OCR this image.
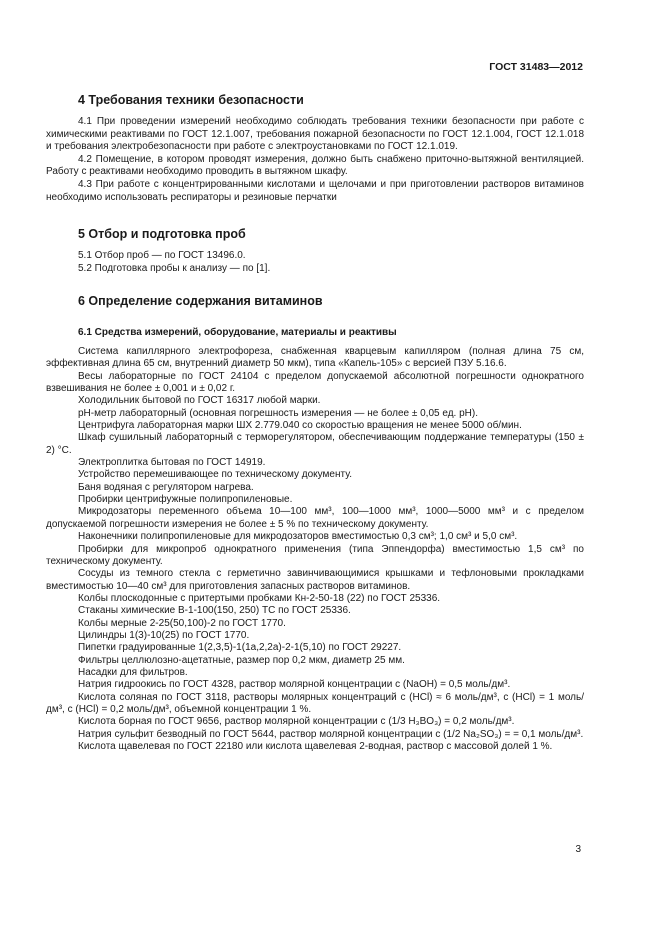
ГОСТ 31483—2012
4 Требования техники безопасности

4.1 При проведении измерений необходимо соблюдать требования техники безопасности при работе с химическими реактивами по ГОСТ 12.1.007, требования пожарной безопасности по ГОСТ 12.1.004, ГОСТ 12.1.018 и требования электробезопасности при работе с электроустановками по ГОСТ 12.1.019.

4.2 Помещение, в котором проводят измерения, должно быть снабжено приточно-вытяжной вентиляцией. Работу с реактивами необходимо проводить в вытяжном шкафу.

4.3 При работе с концентрированными кислотами и щелочами и при приготовлении растворов витаминов необходимо использовать респираторы и резиновые перчатки

5 Отбор и подготовка проб

5.1 Отбор проб — по ГОСТ 13496.0.

5.2 Подготовка пробы к анализу — по [1].

6 Определение содержания витаминов
6.1 Средства измерений, оборудование, материалы и реактивы

Система капиллярного электрофореза, снабженная кварцевым капилляром (полная длина 75 см, эффективная длина 65 см, внутренний диаметр 50 мкм), типа «Капель-105» с версией ПЗУ 5.16.6.

Весы лабораторные по ГОСТ 24104 с пределом допускаемой абсолютной погрешности однократного взвешивания не более ± 0,001 и ± 0,02 г.

Холодильник бытовой по ГОСТ 16317 любой марки.

pH-метр лабораторный (основная погрешность измерения — не более ± 0,05 ед. pH).

Центрифуга лабораторная марки ШХ 2.779.040 со скоростью вращения не менее 5000 об/мин.

Шкаф сушильный лабораторный с терморегулятором, обеспечивающим поддержание температуры (150 ± 2) °С.

Электроплитка бытовая по ГОСТ 14919.

Устройство перемешивающее по техническому документу.

Баня водяная с регулятором нагрева.

Пробирки центрифужные полипропиленовые.

Микродозаторы переменного объема 10—100 мм³, 100—1000 мм³, 1000—5000 мм³ и с пределом допускаемой погрешности измерения не более ± 5 % по техническому документу.

Наконечники полипропиленовые для микродозаторов вместимостью 0,3 см³; 1,0 см³ и 5,0 см³.

Пробирки для микропроб однократного применения (типа Эппендорфа) вместимостью 1,5 см³ по техническому документу.

Сосуды из темного стекла с герметично завинчивающимися крышками и тефлоновыми прокладками вместимостью 10—40 см³ для приготовления запасных растворов витаминов.

Колбы плоскодонные с притертыми пробками Кн-2-50-18 (22) по ГОСТ 25336.

Стаканы химические В-1-100(150, 250) ТС по ГОСТ 25336.

Колбы мерные 2-25(50,100)-2 по ГОСТ 1770.

Цилиндры 1(3)-10(25) по ГОСТ 1770.

Пипетки градуированные 1(2,3,5)-1(1а,2,2а)-2-1(5,10) по ГОСТ 29227.

Фильтры целлюлозно-ацетатные, размер пор 0,2 мкм, диаметр 25 мм.

Насадки для фильтров.

Натрия гидроокись по ГОСТ 4328, раствор молярной концентрации c (NaOH) = 0,5 моль/дм³.

Кислота соляная по ГОСТ 3118, растворы молярных концентраций c (HCl) ≈ 6 моль/дм³, c (HCl) = 1 моль/дм³, c (HCl) = 0,2 моль/дм³, объемной концентрации 1 %.

Кислота борная по ГОСТ 9656, раствор молярной концентрации c (1/3 H₃BO₃) = 0,2 моль/дм³.

Натрия сульфит безводный по ГОСТ 5644, раствор молярной концентрации c (1/2 Na₂SO₃) = = 0,1 моль/дм³.

Кислота щавелевая по ГОСТ 22180 или кислота щавелевая 2-водная, раствор с массовой долей 1 %.

3
